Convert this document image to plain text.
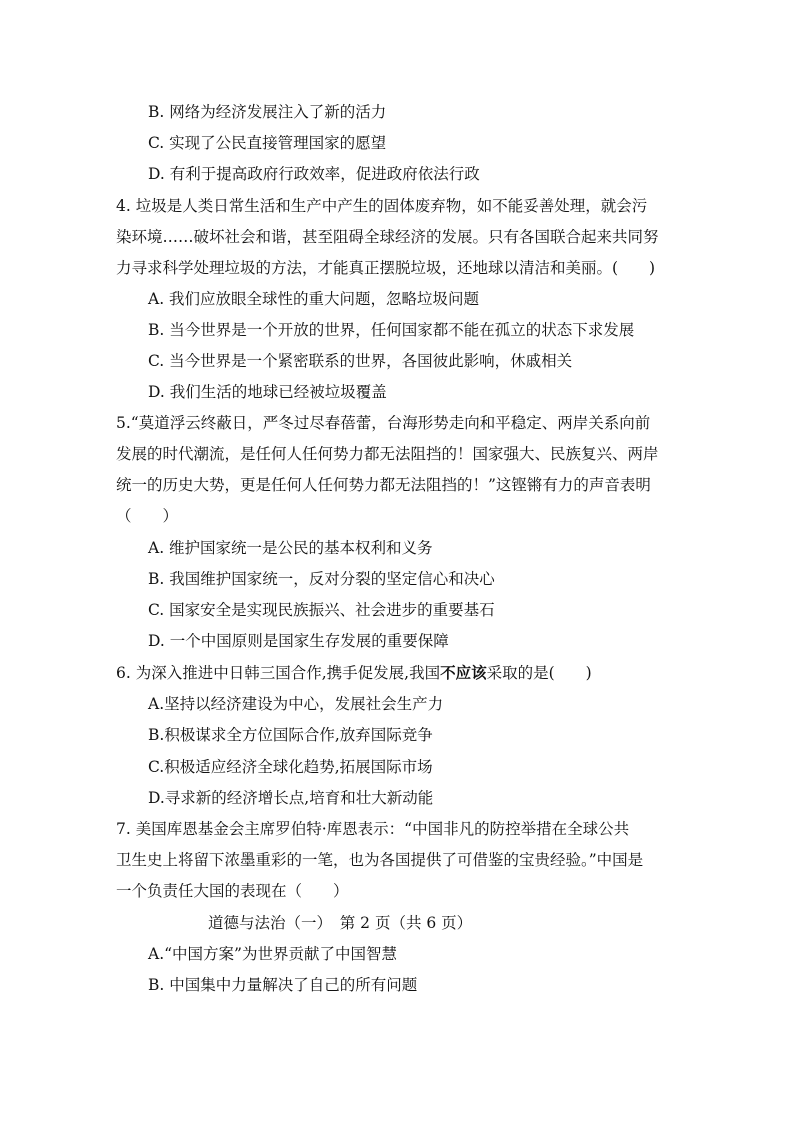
B. 网络为经济发展注入了新的活力
C. 实现了公民直接管理国家的愿望
D. 有利于提高政府行政效率，促进政府依法行政
4. 垃圾是人类日常生活和生产中产生的固体废弃物，如不能妥善处理，就会污
染环境……破坏社会和谐，甚至阻碍全球经济的发展。只有各国联合起来共同努
力寻求科学处理垃圾的方法，才能真正摆脱垃圾，还地球以清洁和美丽。(　　)
A. 我们应放眼全球性的重大问题，忽略垃圾问题
B. 当今世界是一个开放的世界，任何国家都不能在孤立的状态下求发展
C. 当今世界是一个紧密联系的世界，各国彼此影响，休戚相关
D. 我们生活的地球已经被垃圾覆盖
5.“莫道浮云终蔽日，严冬过尽春蓓蕾，台海形势走向和平稳定、两岸关系向前
发展的时代潮流，是任何人任何势力都无法阻挡的！国家强大、民族复兴、两岸
统一的历史大势，更是任何人任何势力都无法阻挡的！”这铿锵有力的声音表明
（　　）
A. 维护国家统一是公民的基本权利和义务
B. 我国维护国家统一，反对分裂的坚定信心和决心
C. 国家安全是实现民族振兴、社会进步的重要基石
D. 一个中国原则是国家生存发展的重要保障
6. 为深入推进中日韩三国合作,携手促发展,我国不应该采取的是(　　)
A.坚持以经济建设为中心，发展社会生产力
B.积极谋求全方位国际合作,放弃国际竞争
C.积极适应经济全球化趋势,拓展国际市场
D.寻求新的经济增长点,培育和壮大新动能
7. 美国库恩基金会主席罗伯特·库恩表示：“中国非凡的防控举措在全球公共
卫生史上将留下浓墨重彩的一笔，也为各国提供了可借鉴的宝贵经验。”中国是
一个负责任大国的表现在（　　）
道德与法治（一）　第 2 页（共 6 页）
A.“中国方案”为世界贡献了中国智慧
B. 中国集中力量解决了自己的所有问题
